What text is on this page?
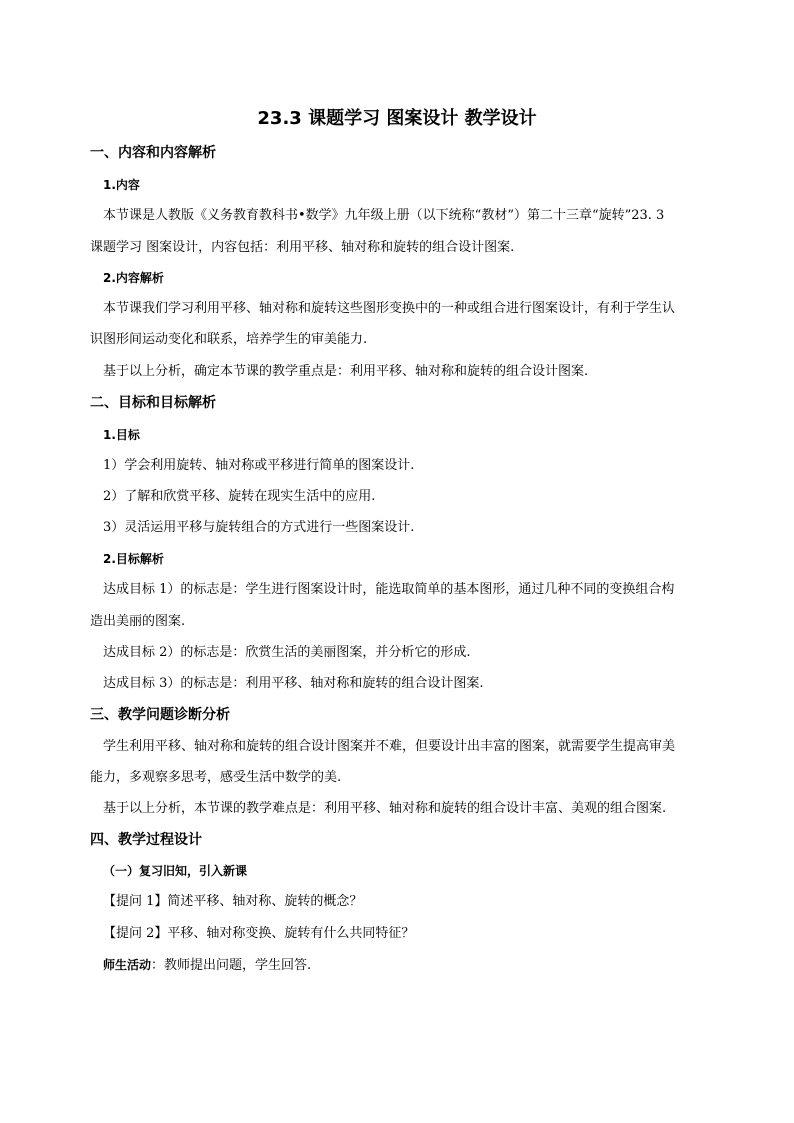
23.3 课题学习 图案设计 教学设计
一、内容和内容解析
1.内容
本节课是人教版《义务教育教科书•数学》九年级上册（以下统称“教材”）第二十三章“旋转”23. 3
课题学习 图案设计，内容包括：利用平移、轴对称和旋转的组合设计图案.
2.内容解析
本节课我们学习利用平移、轴对称和旋转这些图形变换中的一种或组合进行图案设计，有利于学生认
识图形间运动变化和联系，培养学生的审美能力.
基于以上分析，确定本节课的教学重点是：利用平移、轴对称和旋转的组合设计图案.
二、目标和目标解析
1.目标
1）学会利用旋转、轴对称或平移进行简单的图案设计.
2）了解和欣赏平移、旋转在现实生活中的应用.
3）灵活运用平移与旋转组合的方式进行一些图案设计.
2.目标解析
达成目标 1）的标志是：学生进行图案设计时，能选取简单的基本图形，通过几种不同的变换组合构
造出美丽的图案.
达成目标 2）的标志是：欣赏生活的美丽图案，并分析它的形成.
达成目标 3）的标志是：利用平移、轴对称和旋转的组合设计图案.
三、教学问题诊断分析
学生利用平移、轴对称和旋转的组合设计图案并不难，但要设计出丰富的图案，就需要学生提高审美
能力，多观察多思考，感受生活中数学的美.
基于以上分析，本节课的教学难点是：利用平移、轴对称和旋转的组合设计丰富、美观的组合图案.
四、教学过程设计
（一）复习旧知，引入新课
【提问 1】简述平移、轴对称、旋转的概念？
【提问 2】平移、轴对称变换、旋转有什么共同特征？
师生活动：教师提出问题，学生回答.
